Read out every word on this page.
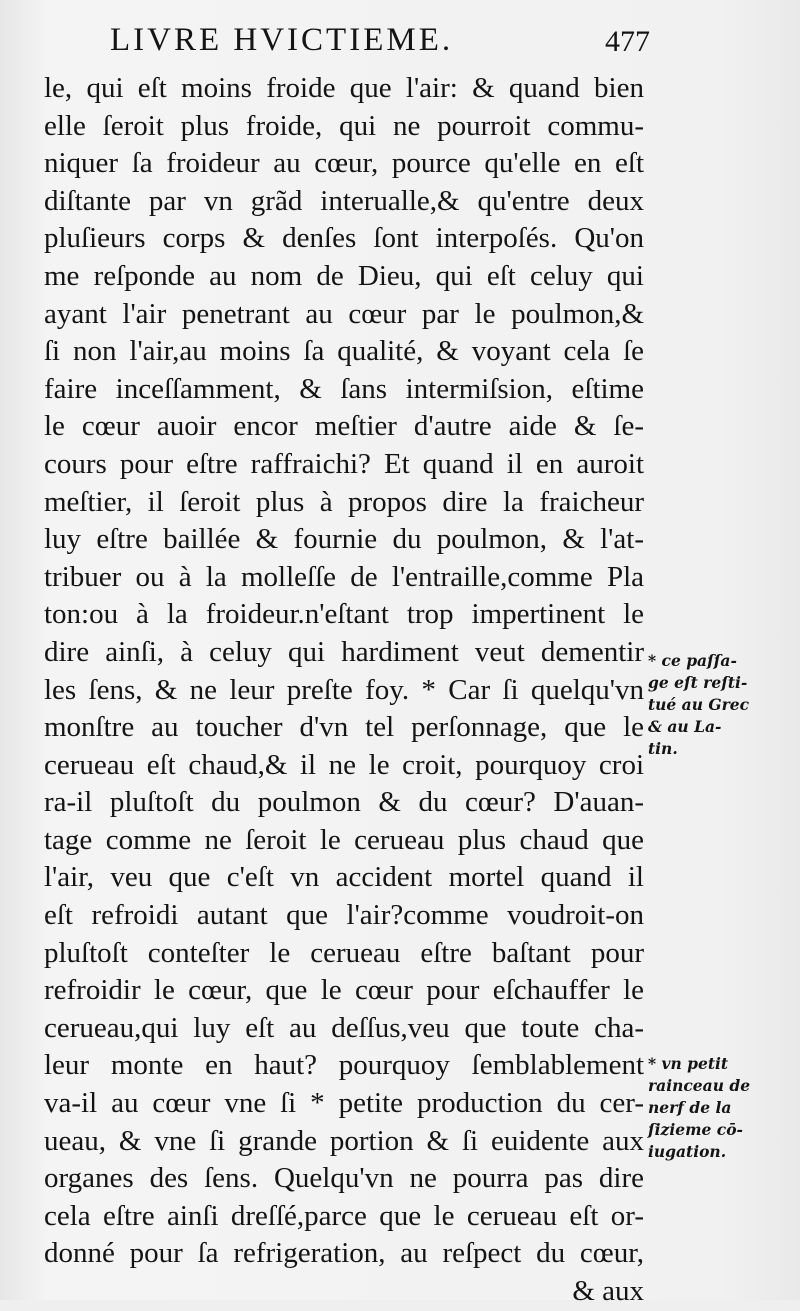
LIVRE HVICTIEME.	477
le, qui eſt moins froide que l'air: & quand bien
elle ſeroit plus froide, qui ne pourroit commu-
niquer ſa froideur au cœur, pource qu'elle en eſt
diſtante par vn grãd interualle,& qu'entre deux
pluſieurs corps & denſes ſont interpoſés. Qu'on
me reſponde au nom de Dieu, qui eſt celuy qui
ayant l'air penetrant au cœur par le poulmon,&
ſi non l'air,au moins ſa qualité, & voyant cela ſe
faire inceſſamment, & ſans intermiſsion, eſtime
le cœur auoir encor meſtier d'autre aide & ſe-
cours pour eſtre raffraichi? Et quand il en auroit
meſtier, il ſeroit plus à propos dire la fraicheur
luy eſtre baillée & fournie du poulmon, & l'at-
tribuer ou à la molleſſe de l'entraille,comme Pla
ton:ou à la froideur.n'eſtant trop impertinent le
dire ainſi, à celuy qui hardiment veut dementir
les ſens, & ne leur preſte foy. * Car ſi quelqu'vn
monſtre au toucher d'vn tel perſonnage, que le
cerueau eſt chaud,& il ne le croit, pourquoy croi
ra-il pluſtoſt du poulmon & du cœur? D'auan-
tage comme ne ſeroit le cerueau plus chaud que
l'air, veu que c'eſt vn accident mortel quand il
eſt refroidi autant que l'air?comme voudroit-on
pluſtoſt conteſter le cerueau eſtre baſtant pour
refroidir le cœur, que le cœur pour eſchauffer le
cerueau,qui luy eſt au deſſus,veu que toute cha-
leur monte en haut? pourquoy ſemblablement
va-il au cœur vne ſi * petite production du cer-
ueau, & vne ſi grande portion & ſi euidente aux
organes des ſens. Quelqu'vn ne pourra pas dire
cela eſtre ainſi dreſſé,parce que le cerueau eſt or-
donné pour ſa refrigeration, au reſpect du cœur,
& aux
* ce paſſa-
ge eſt reſti-
tué au Grec
& au La-
tin.
* vn petit
rainceau de
nerf de la
ſizieme cō-
iugation.
